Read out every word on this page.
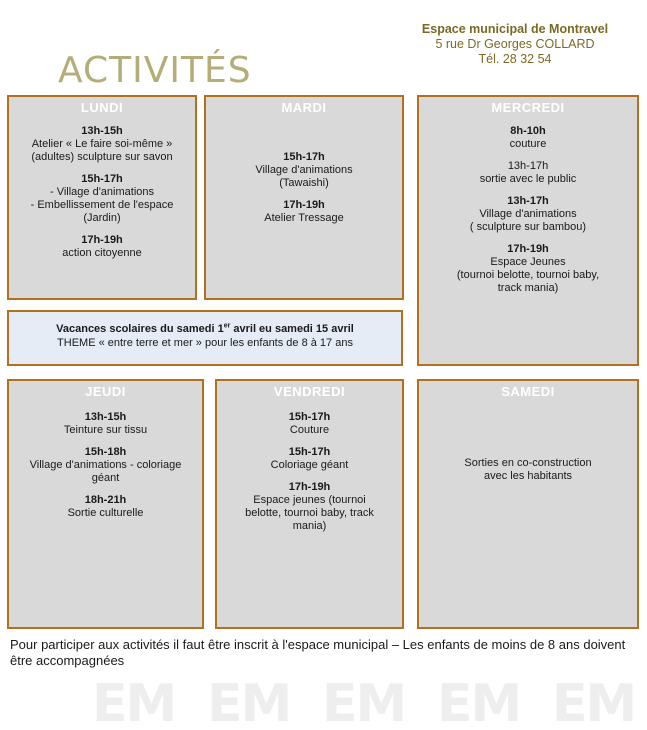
ACTIVITÉS
Espace municipal de Montravel
5 rue Dr Georges COLLARD
Tél. 28 32 54
LUNDI
13h-15h
Atelier « Le faire soi-même »
(adultes) sculpture sur savon
15h-17h
- Village d'animations
- Embellissement de l'espace
(Jardin)
17h-19h
action citoyenne
MARDI
15h-17h
Village d'animations
(Tawaishi)
17h-19h
Atelier Tressage
MERCREDI
8h-10h
couture
13h-17h
sortie avec le public
13h-17h
Village d'animations
( sculpture sur bambou)
17h-19h
Espace Jeunes
(tournoi belotte, tournoi baby,
track mania)
Vacances scolaires du samedi 1er avril eu samedi 15 avril
THEME « entre terre et mer » pour les enfants de 8 à 17 ans
JEUDI
13h-15h
Teinture sur tissu
15h-18h
Village d'animations - coloriage
géant
18h-21h
Sortie culturelle
VENDREDI
15h-17h
Couture
15h-17h
Coloriage géant
17h-19h
Espace jeunes (tournoi
belotte, tournoi baby, track
mania)
SAMEDI
Sorties en co-construction
avec les habitants
Pour participer aux activités il faut être inscrit à l'espace municipal – Les enfants de moins de 8 ans doivent être accompagnées
EM EM EM EM EM
